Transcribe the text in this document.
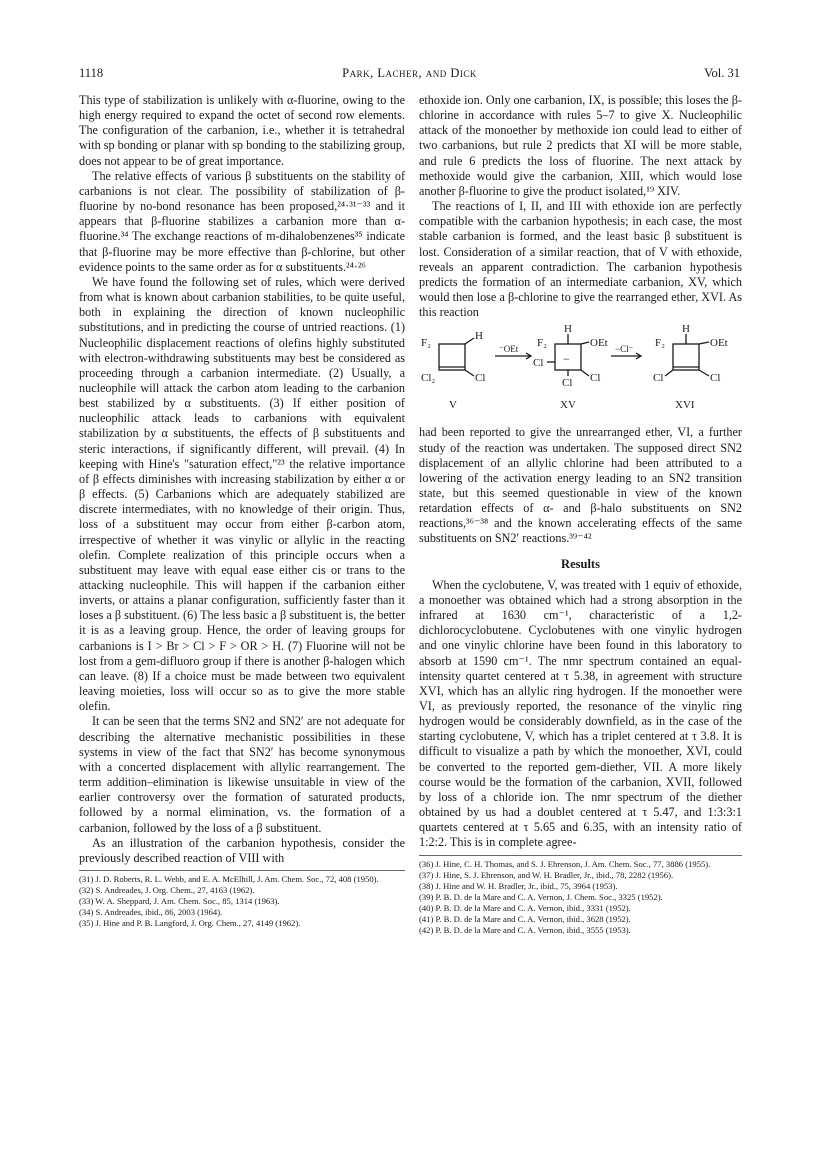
1118	Park, Lacher, and Dick	Vol. 31

This type of stabilization is unlikely with α-fluorine, owing to the high energy required to expand the octet of second row elements. The configuration of the carbanion, i.e., whether it is tetrahedral with sp bonding or planar with sp bonding to the stabilizing group, does not appear to be of great importance.

The relative effects of various β substituents on the stability of carbanions is not clear. The possibility of stabilization of β-fluorine by no-bond resonance has been proposed,²⁴·³¹⁻³³ and it appears that β-fluorine stabilizes a carbanion more than α-fluorine.³⁴ The exchange reactions of m-dihalobenzenes³⁵ indicate that β-fluorine may be more effective than β-chlorine, but other evidence points to the same order as for α substituents.²⁴·²⁶

We have found the following set of rules, which were derived from what is known about carbanion stabilities, to be quite useful, both in explaining the direction of known nucleophilic substitutions, and in predicting the course of untried reactions. (1) Nucleophilic displacement reactions of olefins highly substituted with electron-withdrawing substituents may best be considered as proceeding through a carbanion intermediate. (2) Usually, a nucleophile will attack the carbon atom leading to the carbanion best stabilized by α substituents. (3) If either position of nucleophilic attack leads to carbanions with equivalent stabilization by α substituents, the effects of β substituents and steric interactions, if significantly different, will prevail. (4) In keeping with Hine's "saturation effect,"²³ the relative importance of β effects diminishes with increasing stabilization by either α or β effects. (5) Carbanions which are adequately stabilized are discrete intermediates, with no knowledge of their origin. Thus, loss of a substituent may occur from either β-carbon atom, irrespective of whether it was vinylic or allylic in the reacting olefin. Complete realization of this principle occurs when a substituent may leave with equal ease either cis or trans to the attacking nucleophile. This will happen if the carbanion either inverts, or attains a planar configuration, sufficiently faster than it loses a β substituent. (6) The less basic a β substituent is, the better it is as a leaving group. Hence, the order of leaving groups for carbanions is I > Br > Cl > F > OR > H. (7) Fluorine will not be lost from a gem-difluoro group if there is another β-halogen which can leave. (8) If a choice must be made between two equivalent leaving moieties, loss will occur so as to give the more stable olefin.

It can be seen that the terms SN2 and SN2′ are not adequate for describing the alternative mechanistic possibilities in these systems in view of the fact that SN2′ has become synonymous with a concerted displacement with allylic rearrangement. The term addition–elimination is likewise unsuitable in view of the earlier controversy over the formation of saturated products, followed by a normal elimination, vs. the formation of a carbanion, followed by the loss of a β substituent.

As an illustration of the carbanion hypothesis, consider the previously described reaction of VIII with

(31) J. D. Roberts, R. L. Webb, and E. A. McElhill, J. Am. Chem. Soc., 72, 408 (1950).
(32) S. Andreades, J. Org. Chem., 27, 4163 (1962).
(33) W. A. Sheppard, J. Am. Chem. Soc., 85, 1314 (1963).
(34) S. Andreades, ibid., 86, 2003 (1964).
(35) J. Hine and P. B. Langford, J. Org. Chem., 27, 4149 (1962).

ethoxide ion. Only one carbanion, IX, is possible; this loses the β-chlorine in accordance with rules 5–7 to give X. Nucleophilic attack of the monoether by methoxide ion could lead to either of two carbanions, but rule 2 predicts that XI will be more stable, and rule 6 predicts the loss of fluorine. The next attack by methoxide would give the carbanion, XIII, which would lose another β-fluorine to give the product isolated,¹⁹ XIV.

The reactions of I, II, and III with ethoxide ion are perfectly compatible with the carbanion hypothesis; in each case, the most stable carbanion is formed, and the least basic β substituent is lost. Consideration of a similar reaction, that of V with ethoxide, reveals an apparent contradiction. The carbanion hypothesis predicts the formation of an intermediate carbanion, XV, which would then lose a β-chlorine to give the rearranged ether, XVI. As this reaction

F₂
H
Cl₂	Cl
V
⁻OEt	−Cl⁻
F₂
H
OEt
−
Cl
Cl Cl
XV
F₂
H
OEt
Cl	Cl
XVI

had been reported to give the unrearranged ether, VI, a further study of the reaction was undertaken. The supposed direct SN2 displacement of an allylic chlorine had been attributed to a lowering of the activation energy leading to an SN2 transition state, but this seemed questionable in view of the known retardation effects of α- and β-halo substituents on SN2 reactions,³⁶⁻³⁸ and the known accelerating effects of the same substituents on SN2′ reactions.³⁹⁻⁴²

Results

When the cyclobutene, V, was treated with 1 equiv of ethoxide, a monoether was obtained which had a strong absorption in the infrared at 1630 cm⁻¹, characteristic of a 1,2-dichlorocyclobutene. Cyclobutenes with one vinylic hydrogen and one vinylic chlorine have been found in this laboratory to absorb at 1590 cm⁻¹. The nmr spectrum contained an equal-intensity quartet centered at τ 5.38, in agreement with structure XVI, which has an allylic ring hydrogen. If the monoether were VI, as previously reported, the resonance of the vinylic ring hydrogen would be considerably downfield, as in the case of the starting cyclobutene, V, which has a triplet centered at τ 3.8. It is difficult to visualize a path by which the monoether, XVI, could be converted to the reported gem-diether, VII. A more likely course would be the formation of the carbanion, XVII, followed by loss of a chloride ion. The nmr spectrum of the diether obtained by us had a doublet centered at τ 5.47, and 1:3:3:1 quartets centered at τ 5.65 and 6.35, with an intensity ratio of 1:2:2. This is in complete agree-

(36) J. Hine, C. H. Thomas, and S. J. Ehrenson, J. Am. Chem. Soc., 77, 3886 (1955).
(37) J. Hine, S. J. Ehrenson, and W. H. Bradler, Jr., ibid., 78, 2282 (1956).
(38) J. Hine and W. H. Bradler, Jr., ibid., 75, 3964 (1953).
(39) P. B. D. de la Mare and C. A. Vernon, J. Chem. Soc., 3325 (1952).
(40) P. B. D. de la Mare and C. A. Vernon, ibid., 3331 (1952).
(41) P. B. D. de la Mare and C. A. Vernon, ibid., 3628 (1952).
(42) P. B. D. de la Mare and C. A. Vernon, ibid., 3555 (1953).
